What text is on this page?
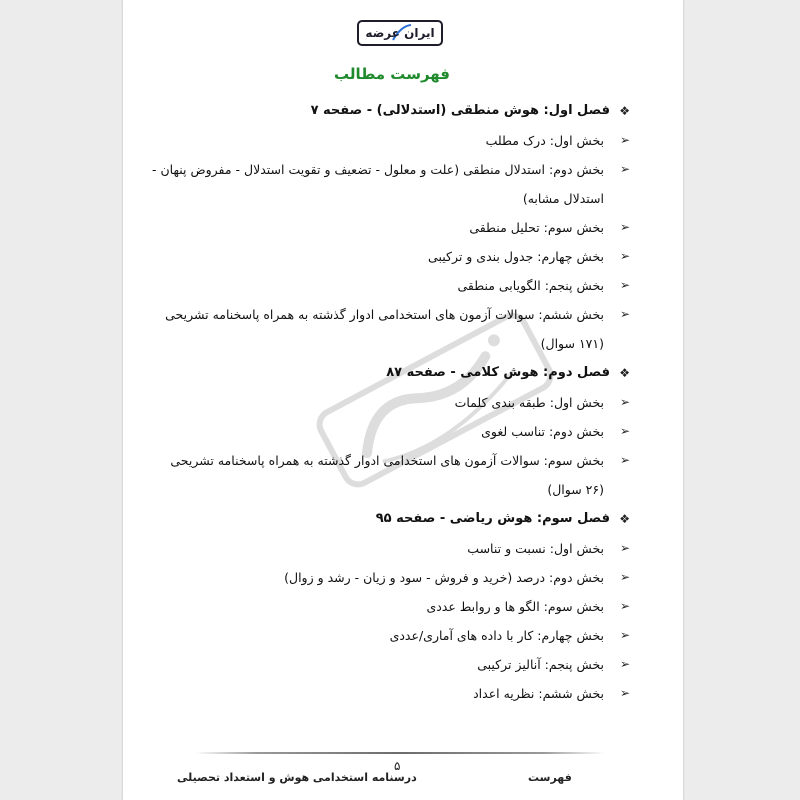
ایران عرضه
فهرست مطالب
❖
فصل اول: هوش منطقی (استدلالی) - صفحه ۷
➢
بخش اول: درک مطلب
➢
بخش دوم: استدلال منطقی (علت و معلول - تضعیف و تقویت استدلال - مفروض پنهان -
استدلال مشابه)
➢
بخش سوم: تحلیل منطقی
➢
بخش چهارم: جدول بندی و ترکیبی
➢
بخش پنجم: الگویابی منطقی
➢
بخش ششم: سوالات آزمون های استخدامی ادوار گذشته به همراه پاسخنامه تشریحی
(۱۷۱ سوال)
❖
فصل دوم: هوش کلامی - صفحه ۸۷
➢
بخش اول: طبقه بندی کلمات
➢
بخش دوم: تناسب لغوی
➢
بخش سوم: سوالات آزمون های استخدامی ادوار گذشته به همراه پاسخنامه تشریحی
(۲۶ سوال)
❖
فصل سوم: هوش ریاضی - صفحه ۹۵
➢
بخش اول: نسبت و تناسب
➢
بخش دوم: درصد (خرید و فروش - سود و زیان - رشد و زوال)
➢
بخش سوم: الگو ها و روابط عددی
➢
بخش چهارم: کار با داده های آماری/عددی
➢
بخش پنجم: آنالیز ترکیبی
➢
بخش ششم: نظریه اعداد
۵
درسنامه استخدامی هوش و استعداد تحصیلی	فهرست
